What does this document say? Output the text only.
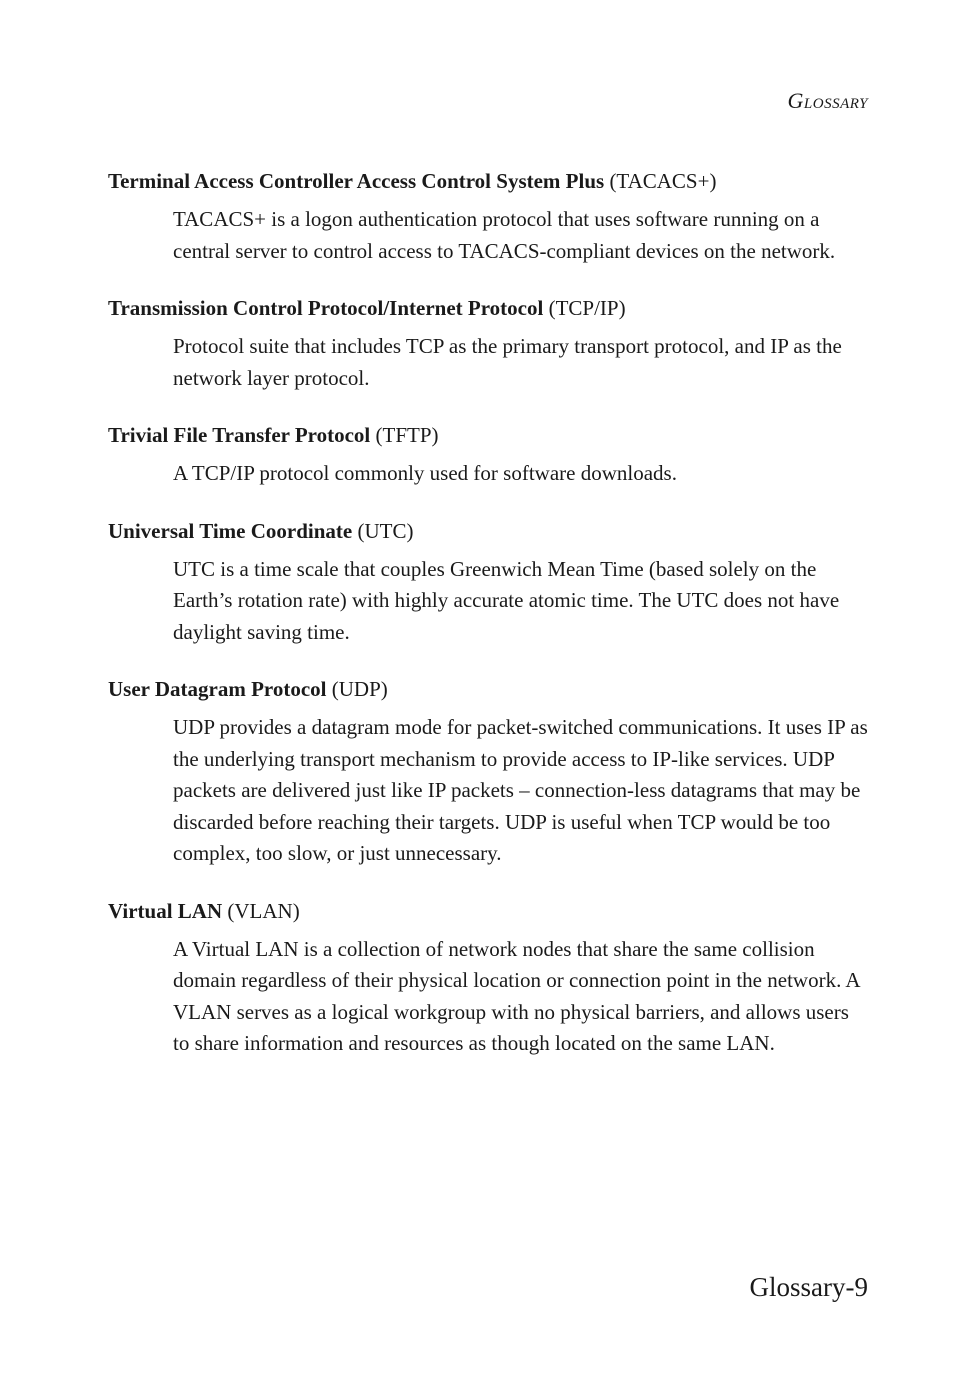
Glossary

Terminal Access Controller Access Control System Plus (TACACS+)

TACACS+ is a logon authentication protocol that uses software running on a central server to control access to TACACS-compliant devices on the network.

Transmission Control Protocol/Internet Protocol (TCP/IP)

Protocol suite that includes TCP as the primary transport protocol, and IP as the network layer protocol.

Trivial File Transfer Protocol (TFTP)

A TCP/IP protocol commonly used for software downloads.

Universal Time Coordinate (UTC)

UTC is a time scale that couples Greenwich Mean Time (based solely on the Earth’s rotation rate) with highly accurate atomic time. The UTC does not have daylight saving time.

User Datagram Protocol (UDP)

UDP provides a datagram mode for packet-switched communications. It uses IP as the underlying transport mechanism to provide access to IP-like services. UDP packets are delivered just like IP packets – connection-less datagrams that may be discarded before reaching their targets. UDP is useful when TCP would be too complex, too slow, or just unnecessary.

Virtual LAN (VLAN)

A Virtual LAN is a collection of network nodes that share the same collision domain regardless of their physical location or connection point in the network. A VLAN serves as a logical workgroup with no physical barriers, and allows users to share information and resources as though located on the same LAN.

Glossary-9
